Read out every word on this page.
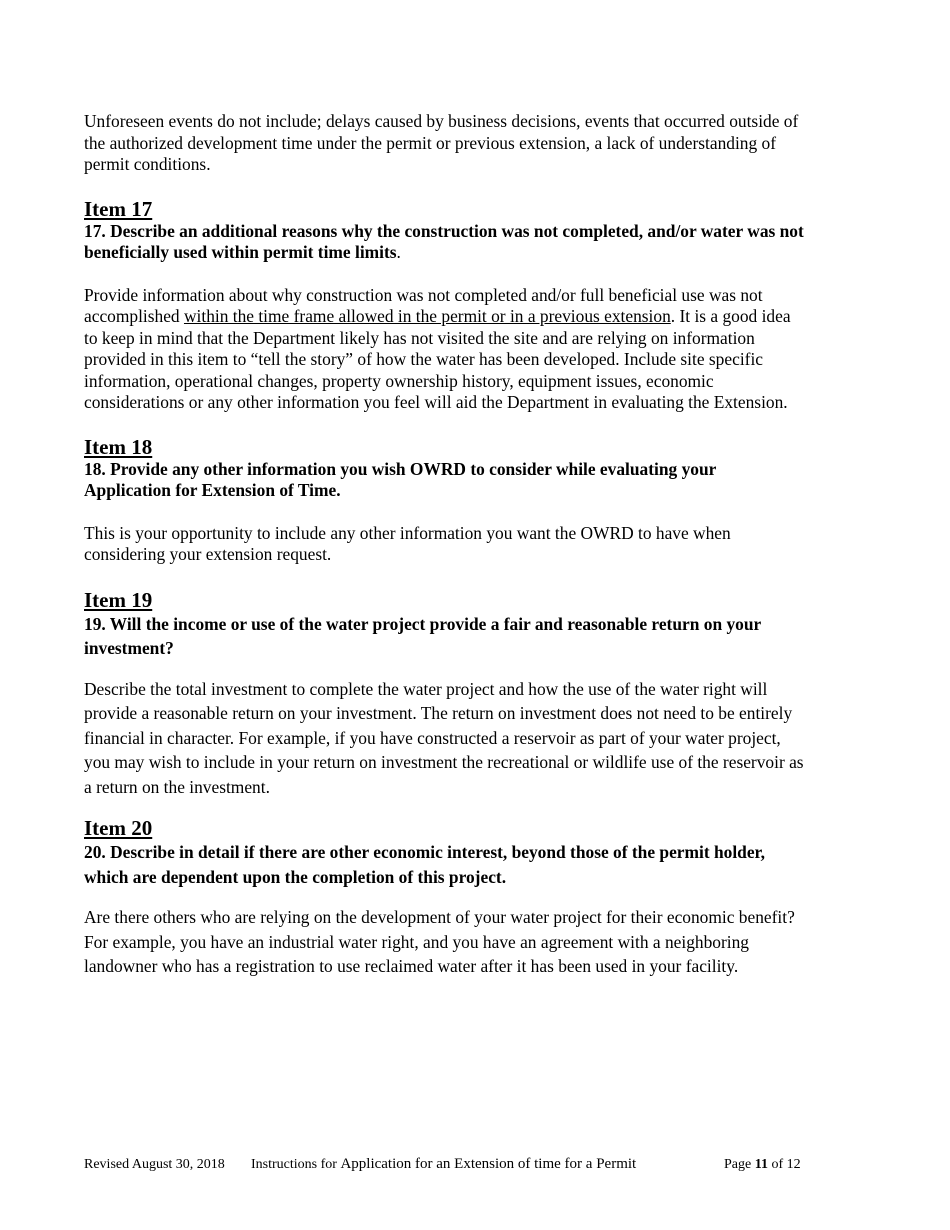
Unforeseen events do not include; delays caused by business decisions, events that occurred outside of the authorized development time under the permit or previous extension, a lack of understanding of permit conditions.

Item 17

17. Describe an additional reasons why the construction was not completed, and/or water was not beneficially used within permit time limits.

Provide information about why construction was not completed and/or full beneficial use was not accomplished within the time frame allowed in the permit or in a previous extension. It is a good idea to keep in mind that the Department likely has not visited the site and are relying on information provided in this item to “tell the story” of how the water has been developed. Include site specific information, operational changes, property ownership history, equipment issues, economic considerations or any other information you feel will aid the Department in evaluating the Extension.

Item 18

18. Provide any other information you wish OWRD to consider while evaluating your Application for Extension of Time.

This is your opportunity to include any other information you want the OWRD to have when considering your extension request.

Item 19

19. Will the income or use of the water project provide a fair and reasonable return on your investment?

Describe the total investment to complete the water project and how the use of the water right will provide a reasonable return on your investment. The return on investment does not need to be entirely financial in character. For example, if you have constructed a reservoir as part of your water project, you may wish to include in your return on investment the recreational or wildlife use of the reservoir as a return on the investment.

Item 20

20. Describe in detail if there are other economic interest, beyond those of the permit holder, which are dependent upon the completion of this project.

Are there others who are relying on the development of your water project for their economic benefit? For example, you have an industrial water right, and you have an agreement with a neighboring landowner who has a registration to use reclaimed water after it has been used in your facility.

Revised August 30, 2018 Instructions for Application for an Extension of time for a Permit	Page 11 of 12
